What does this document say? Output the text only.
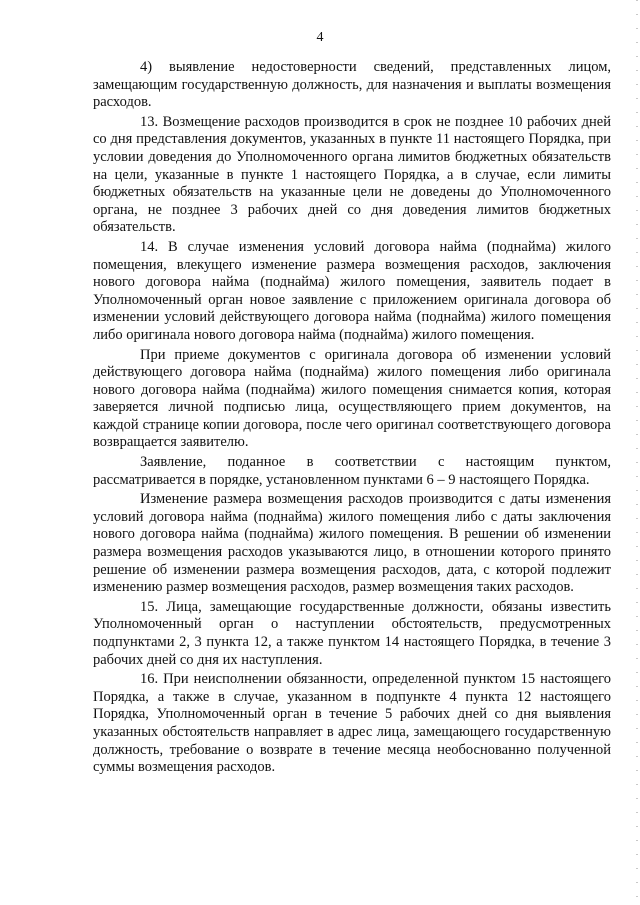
4

4) выявление недостоверности сведений, представленных лицом, замещающим государственную должность, для назначения и выплаты возмещения расходов.

13. Возмещение расходов производится в срок не позднее 10 рабочих дней со дня представления документов, указанных в пункте 11 настоящего Порядка, при условии доведения до Уполномоченного органа лимитов бюджетных обязательств на цели, указанные в пункте 1 настоящего Порядка, а в случае, если лимиты бюджетных обязательств на указанные цели не доведены до Уполномоченного органа, не позднее 3 рабочих дней со дня доведения лимитов бюджетных обязательств.

14. В случае изменения условий договора найма (поднайма) жилого помещения, влекущего изменение размера возмещения расходов, заключения нового договора найма (поднайма) жилого помещения, заявитель подает в Уполномоченный орган новое заявление с приложением оригинала договора об изменении условий действующего договора найма (поднайма) жилого помещения либо оригинала нового договора найма (поднайма) жилого помещения.

При приеме документов с оригинала договора об изменении условий действующего договора найма (поднайма) жилого помещения либо оригинала нового договора найма (поднайма) жилого помещения снимается копия, которая заверяется личной подписью лица, осуществляющего прием документов, на каждой странице копии договора, после чего оригинал соответствующего договора возвращается заявителю.

Заявление, поданное в соответствии с настоящим пунктом, рассматривается в порядке, установленном пунктами 6 – 9 настоящего Порядка.

Изменение размера возмещения расходов производится с даты изменения условий договора найма (поднайма) жилого помещения либо с даты заключения нового договора найма (поднайма) жилого помещения. В решении об изменении размера возмещения расходов указываются лицо, в отношении которого принято решение об изменении размера возмещения расходов, дата, с которой подлежит изменению размер возмещения расходов, размер возмещения таких расходов.

15. Лица, замещающие государственные должности, обязаны известить Уполномоченный орган о наступлении обстоятельств, предусмотренных подпунктами 2, 3 пункта 12, а также пунктом 14 настоящего Порядка, в течение 3 рабочих дней со дня их наступления.

16. При неисполнении обязанности, определенной пунктом 15 настоящего Порядка, а также в случае, указанном в подпункте 4 пункта 12 настоящего Порядка, Уполномоченный орган в течение 5 рабочих дней со дня выявления указанных обстоятельств направляет в адрес лица, замещающего государственную должность, требование о возврате в течение месяца необоснованно полученной суммы возмещения расходов.
